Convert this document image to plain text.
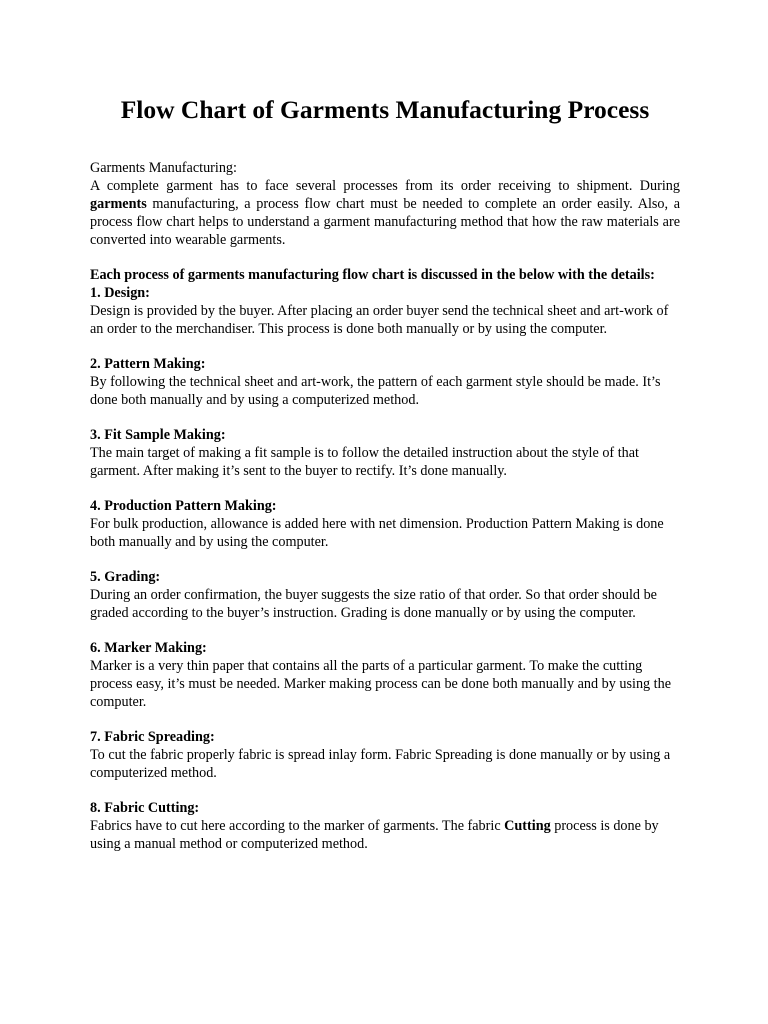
Flow Chart of Garments Manufacturing Process

Garments Manufacturing:

A complete garment has to face several processes from its order receiving to shipment. During garments manufacturing, a process flow chart must be needed to complete an order easily. Also, a process flow chart helps to understand a garment manufacturing method that how the raw materials are converted into wearable garments.

Each process of garments manufacturing flow chart is discussed in the below with the details:

1. Design:

Design is provided by the buyer. After placing an order buyer send the technical sheet and art-work of an order to the merchandiser. This process is done both manually or by using the computer.

2. Pattern Making:

By following the technical sheet and art-work, the pattern of each garment style should be made. It’s done both manually and by using a computerized method.

3. Fit Sample Making:

The main target of making a fit sample is to follow the detailed instruction about the style of that garment. After making it’s sent to the buyer to rectify. It’s done manually.

4. Production Pattern Making:

For bulk production, allowance is added here with net dimension. Production Pattern Making is done both manually and by using the computer.

5. Grading:

During an order confirmation, the buyer suggests the size ratio of that order. So that order should be graded according to the buyer’s instruction. Grading is done manually or by using the computer.

6. Marker Making:

Marker is a very thin paper that contains all the parts of a particular garment. To make the cutting process easy, it’s must be needed. Marker making process can be done both manually and by using the computer.

7. Fabric Spreading:

To cut the fabric properly fabric is spread inlay form. Fabric Spreading is done manually or by using a computerized method.

8. Fabric Cutting:

Fabrics have to cut here according to the marker of garments. The fabric Cutting process is done by using a manual method or computerized method.
